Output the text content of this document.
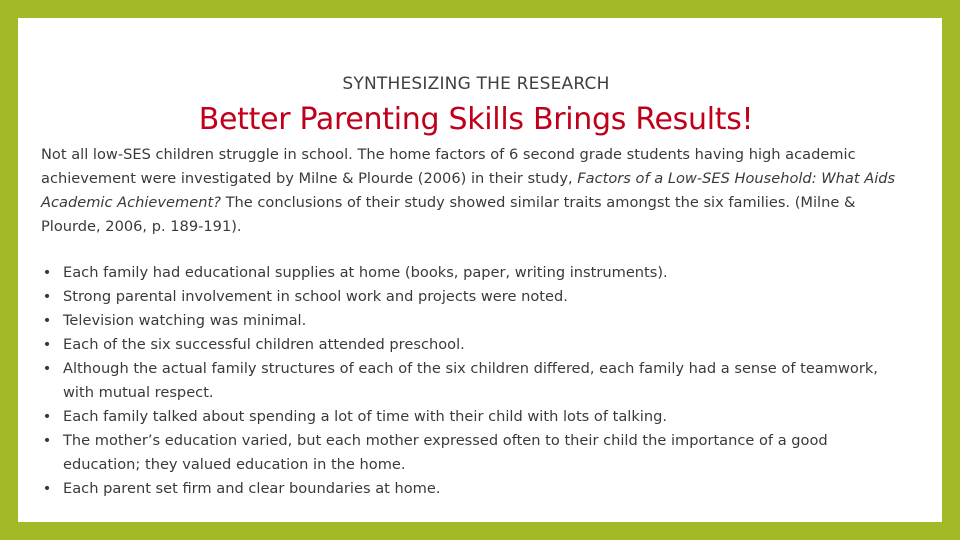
SYNTHESIZING THE RESEARCH
Better Parenting Skills Brings Results!

Not all low-SES children struggle in school. The home factors of 6 second grade students having high academic achievement were investigated by Milne & Plourde (2006) in their study, Factors of a Low-SES Household: What Aids Academic Achievement? The conclusions of their study showed similar traits amongst the six families. (Milne & Plourde, 2006, p. 189-191).

• Each family had educational supplies at home (books, paper, writing instruments).
• Strong parental involvement in school work and projects were noted.
• Television watching was minimal.
• Each of the six successful children attended preschool.
• Although the actual family structures of each of the six children differed, each family had a sense of teamwork, with mutual respect.
• Each family talked about spending a lot of time with their child with lots of talking.
• The mother’s education varied, but each mother expressed often to their child the importance of a good education; they valued education in the home.
• Each parent set firm and clear boundaries at home.
